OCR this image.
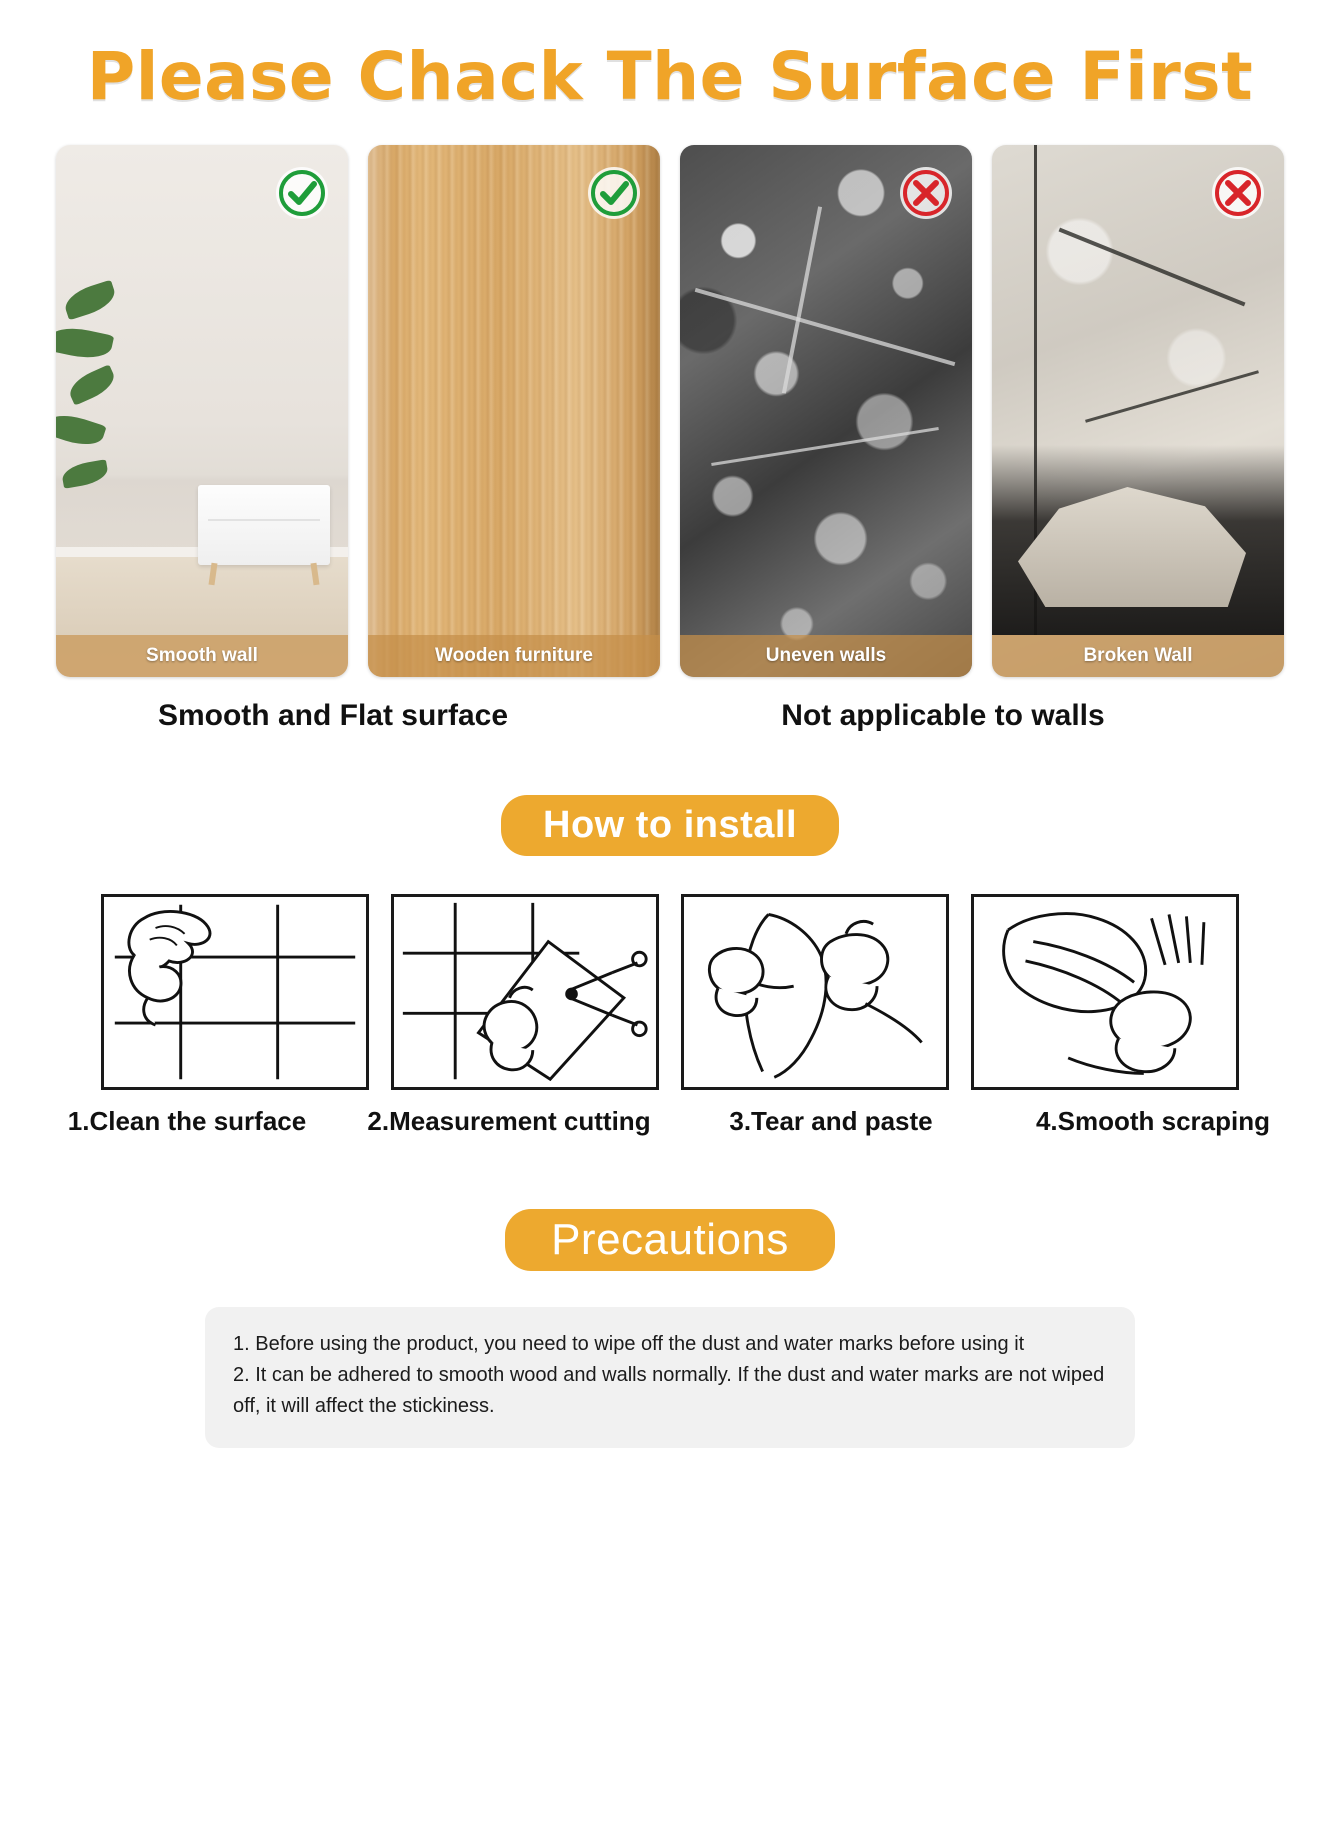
Please Chack The Surface First
Smooth wall	Wooden furniture	Uneven walls	Broken Wall
Smooth and Flat surface	Not applicable to walls
How to install
1.Clean the surface	2.Measurement cutting	3.Tear and paste	4.Smooth scraping
Precautions
1. Before using the product, you need to wipe off the dust and water marks before using it
2. It can be adhered to smooth wood and walls normally. If the dust and water marks are not wiped off, it will affect the stickiness.
